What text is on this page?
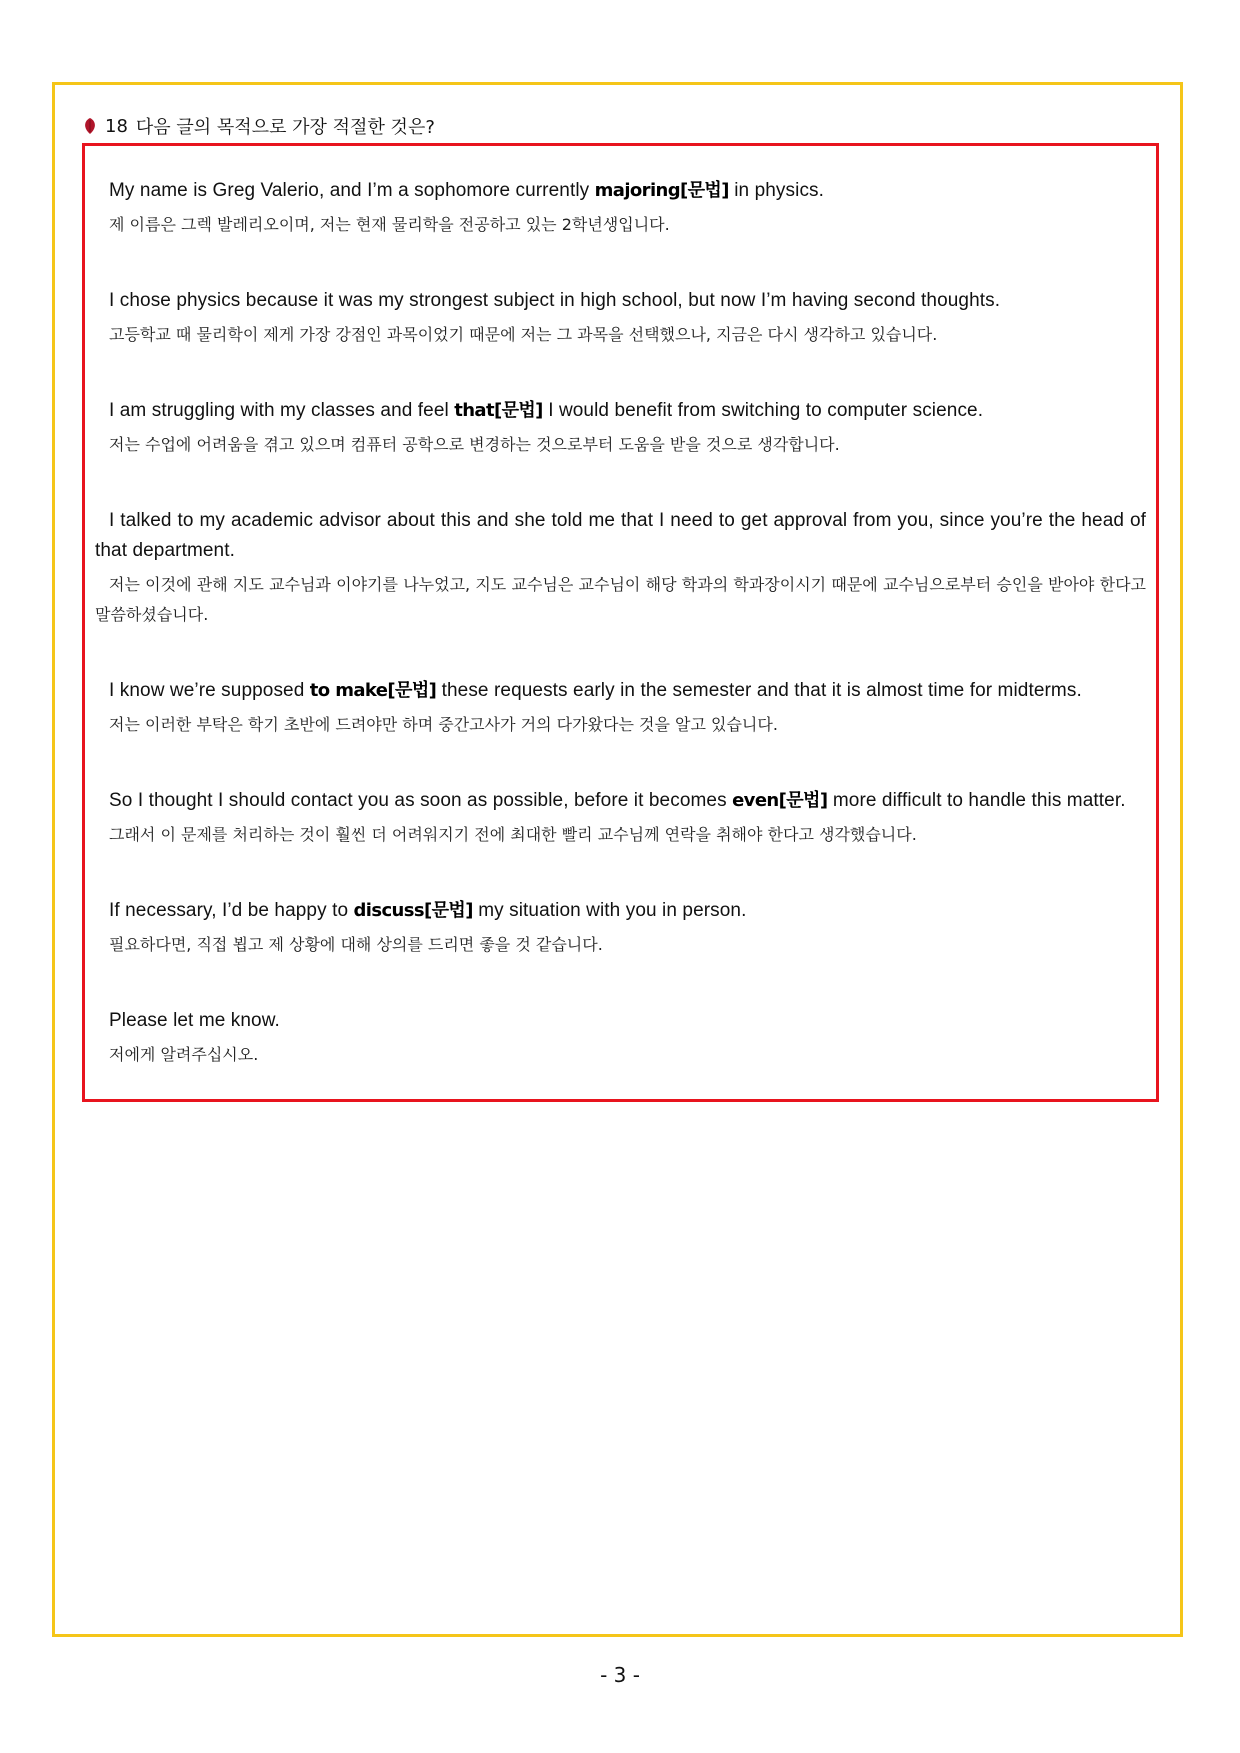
18 다음 글의 목적으로 가장 적절한 것은?

My name is Greg Valerio, and I’m a sophomore currently majoring[문법] in physics.

제 이름은 그렉 발레리오이며, 저는 현재 물리학을 전공하고 있는 2학년생입니다.

I chose physics because it was my strongest subject in high school, but now I’m having second thoughts.

고등학교 때 물리학이 제게 가장 강점인 과목이었기 때문에 저는 그 과목을 선택했으나, 지금은 다시 생각하고 있습니다.

I am struggling with my classes and feel that[문법] I would benefit from switching to computer science.

저는 수업에 어려움을 겪고 있으며 컴퓨터 공학으로 변경하는 것으로부터 도움을 받을 것으로 생각합니다.

I talked to my academic advisor about this and she told me that I need to get approval from you, since you’re the head of that department.

저는 이것에 관해 지도 교수님과 이야기를 나누었고, 지도 교수님은 교수님이 해당 학과의 학과장이시기 때문에 교수님으로부터 승인을 받아야 한다고 말씀하셨습니다.

I know we’re supposed to make[문법] these requests early in the semester and that it is almost time for midterms.

저는 이러한 부탁은 학기 초반에 드려야만 하며 중간고사가 거의 다가왔다는 것을 알고 있습니다.

So I thought I should contact you as soon as possible, before it becomes even[문법] more difficult to handle this matter.

그래서 이 문제를 처리하는 것이 훨씬 더 어려워지기 전에 최대한 빨리 교수님께 연락을 취해야 한다고 생각했습니다.

If necessary, I’d be happy to discuss[문법] my situation with you in person.

필요하다면, 직접 뵙고 제 상황에 대해 상의를 드리면 좋을 것 같습니다.

Please let me know.

저에게 알려주십시오.

- 3 -
